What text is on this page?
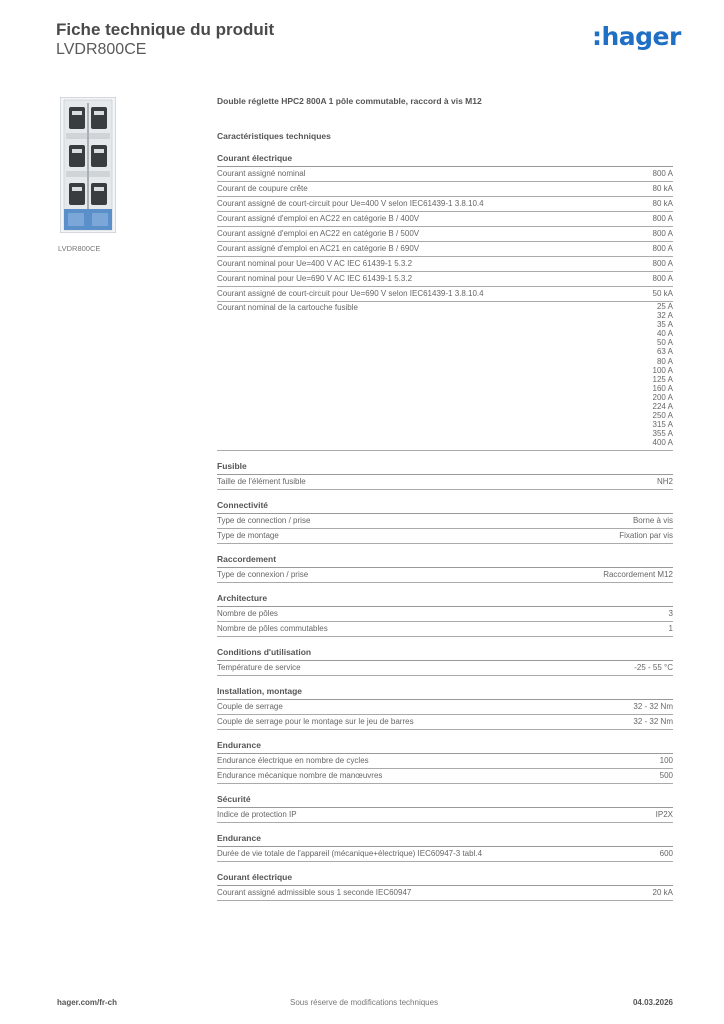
Fiche technique du produit
LVDR800CE	:hager
LVDR800CE
Double réglette HPC2 800A 1 pôle commutable, raccord à vis M12
Caractéristiques techniques
Courant électrique
Courant assigné nominal	800 A
Courant de coupure crête	80 kA
Courant assigné de court-circuit pour Ue=400 V selon IEC61439-1 3.8.10.4	80 kA
Courant assigné d'emploi en AC22 en catégorie B / 400V	800 A
Courant assigné d'emploi en AC22 en catégorie B / 500V	800 A
Courant assigné d'emploi en AC21 en catégorie B / 690V	800 A
Courant nominal pour Ue=400 V AC IEC 61439-1 5.3.2	800 A
Courant nominal pour Ue=690 V AC IEC 61439-1 5.3.2	800 A
Courant assigné de court-circuit pour Ue=690 V selon IEC61439-1 3.8.10.4	50 kA
Courant nominal de la cartouche fusible	25 A
32 A
35 A
40 A
50 A
63 A
80 A
100 A
125 A
160 A
200 A
224 A
250 A
315 A
355 A
400 A
Fusible
Taille de l'élément fusible	NH2
Connectivité
Type de connection / prise	Borne à vis
Type de montage	Fixation par vis
Raccordement
Type de connexion / prise	Raccordement M12
Architecture
Nombre de pôles	3
Nombre de pôles commutables	1
Conditions d'utilisation
Température de service	-25 - 55 °C
Installation, montage
Couple de serrage	32 - 32 Nm
Couple de serrage pour le montage sur le jeu de barres	32 - 32 Nm
Endurance
Endurance électrique en nombre de cycles	100
Endurance mécanique nombre de manœuvres	500
Sécurité
Indice de protection IP	IP2X
Endurance
Durée de vie totale de l'appareil (mécanique+électrique) IEC60947-3 tabl.4	600
Courant électrique
Courant assigné admissible sous 1 seconde IEC60947	20 kA
hager.com/fr-ch	Sous réserve de modifications techniques	04.03.2026
